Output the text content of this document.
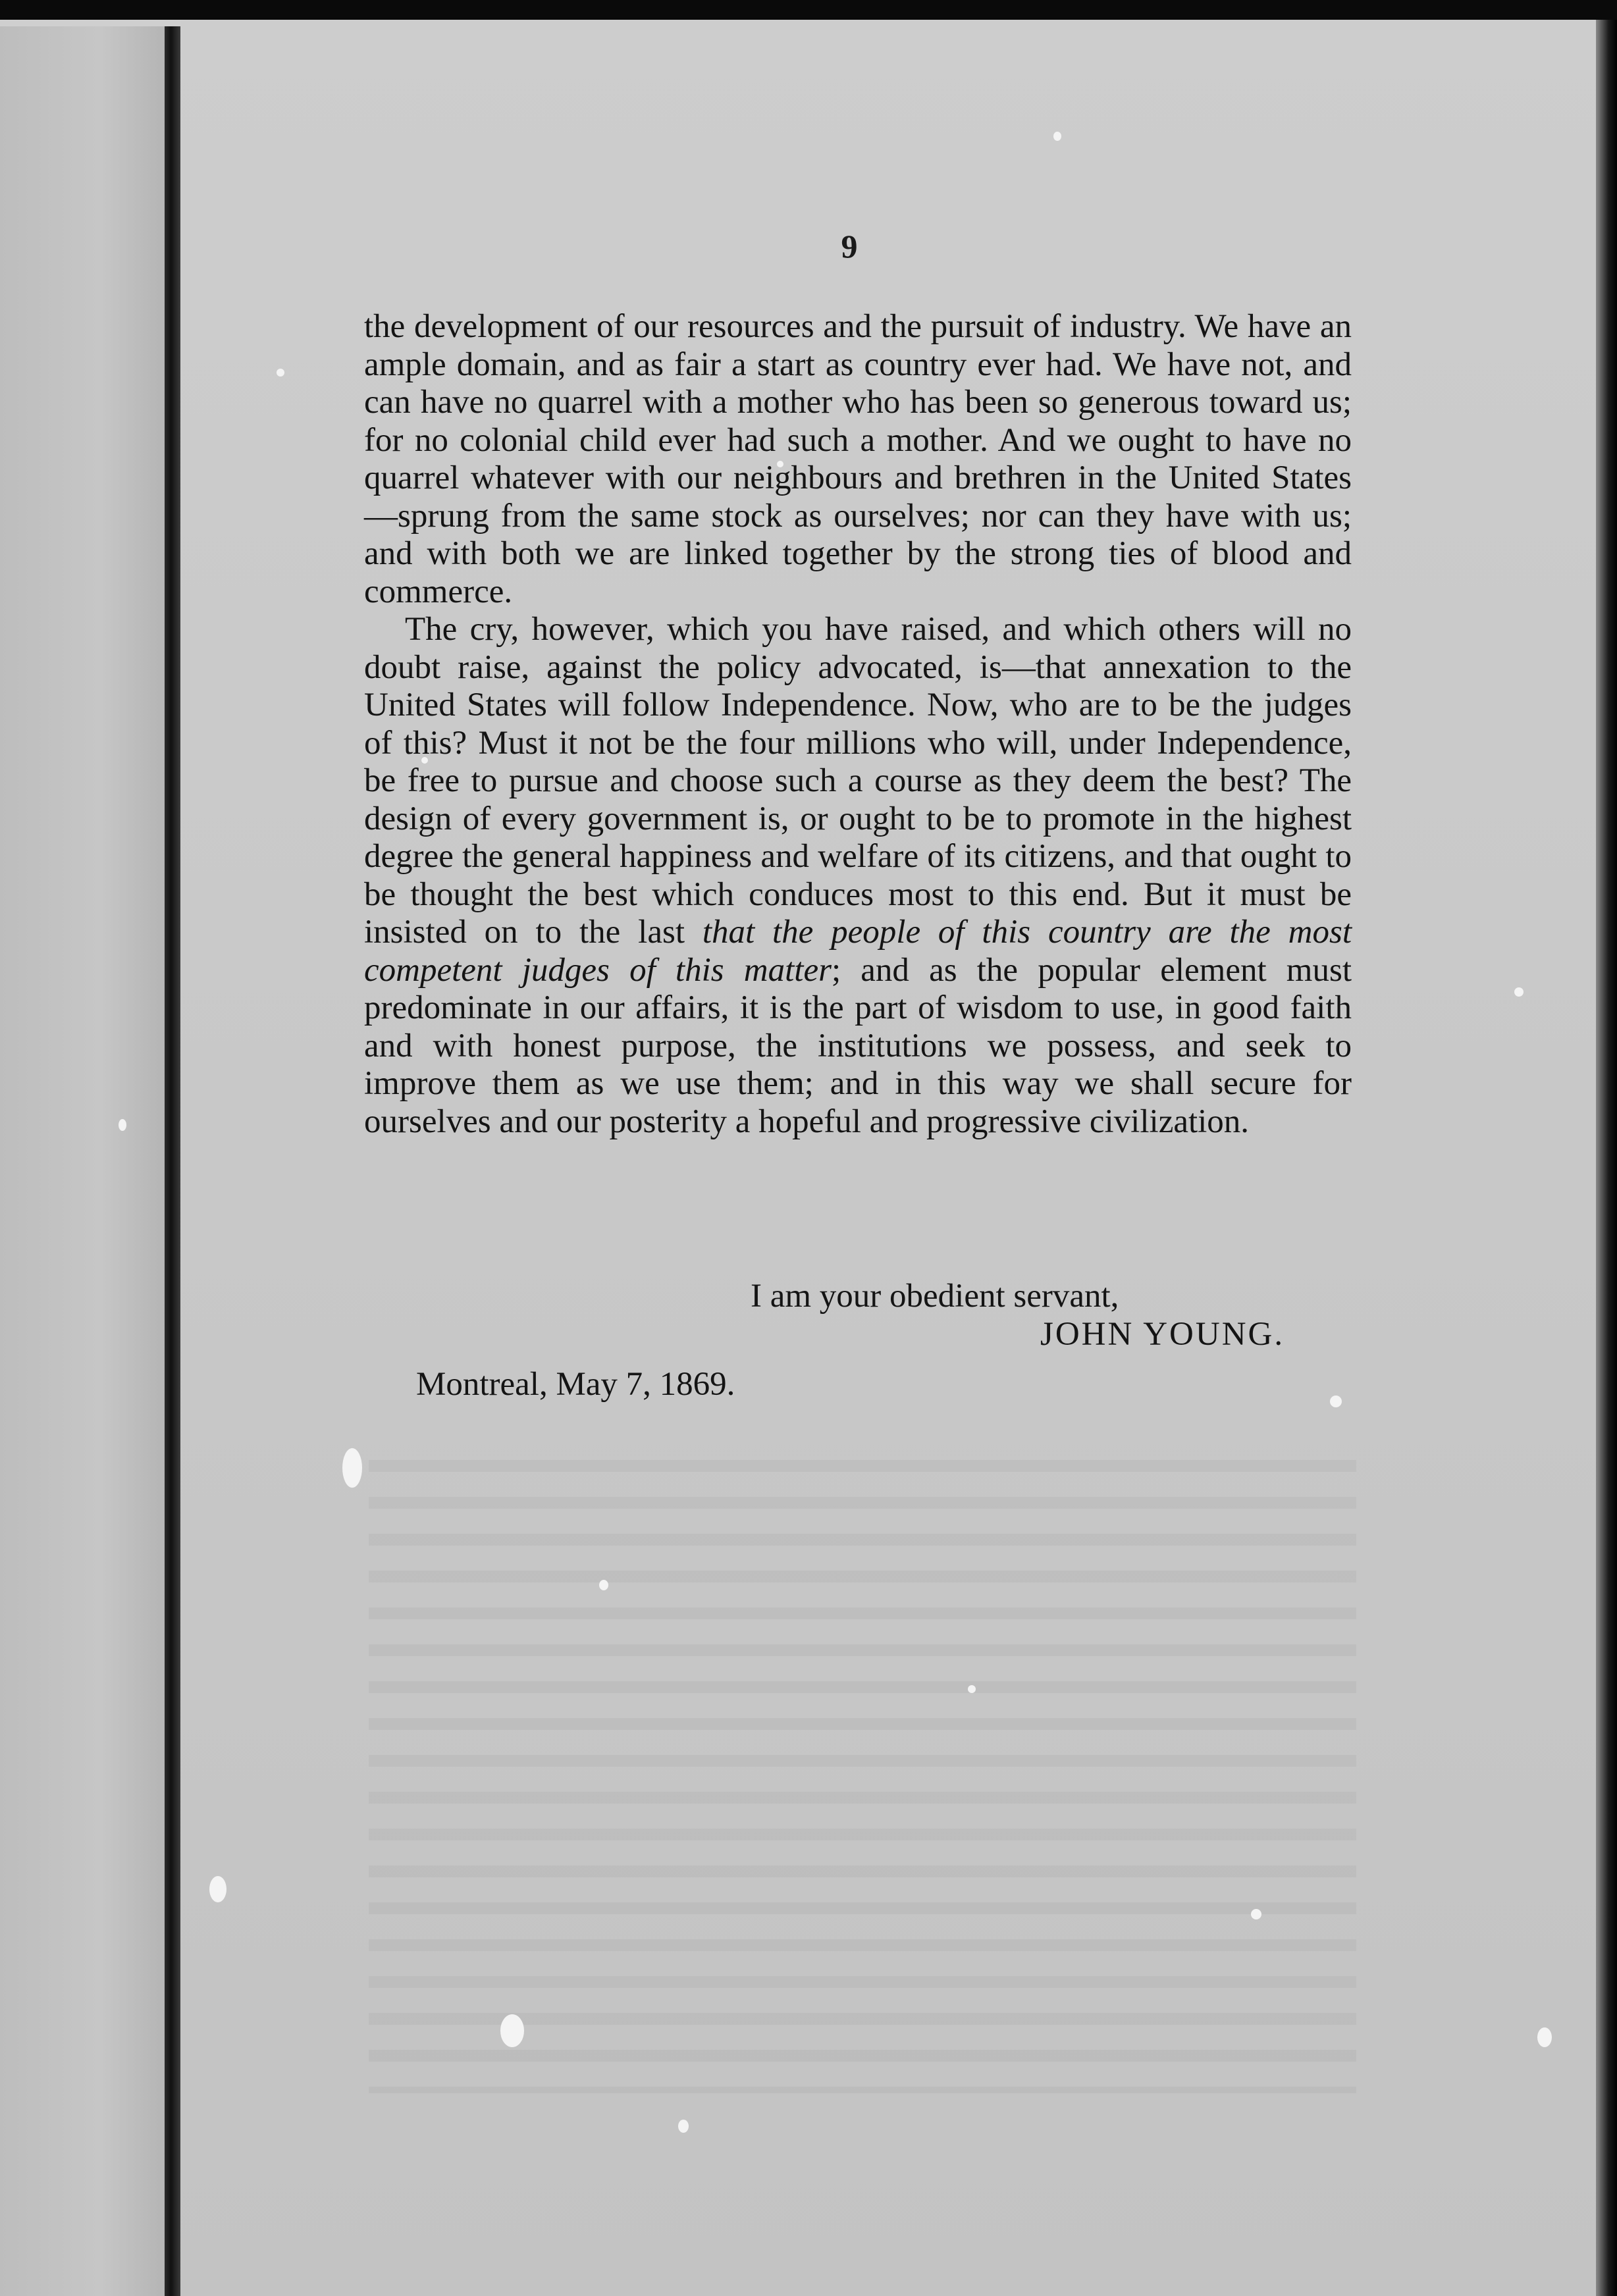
9

the development of our resources and the pursuit of industry. We have an ample domain, and as fair a start as country ever had. We have not, and can have no quarrel with a mother who has been so generous toward us; for no colonial child ever had such a mother. And we ought to have no quarrel whatever with our neighbours and brethren in the United States—sprung from the same stock as ourselves; nor can they have with us; and with both we are linked together by the strong ties of blood and commerce.

The cry, however, which you have raised, and which others will no doubt raise, against the policy advocated, is—that annexation to the United States will follow Independence. Now, who are to be the judges of this? Must it not be the four millions who will, under Independence, be free to pursue and choose such a course as they deem the best? The design of every government is, or ought to be to promote in the highest degree the general happiness and welfare of its citizens, and that ought to be thought the best which conduces most to this end. But it must be insisted on to the last that the people of this country are the most competent judges of this matter; and as the popular element must predominate in our affairs, it is the part of wisdom to use, in good faith and with honest purpose, the institutions we possess, and seek to improve them as we use them; and in this way we shall secure for ourselves and our posterity a hopeful and progressive civilization.

I am your obedient servant,
JOHN YOUNG.
Montreal, May 7, 1869.
